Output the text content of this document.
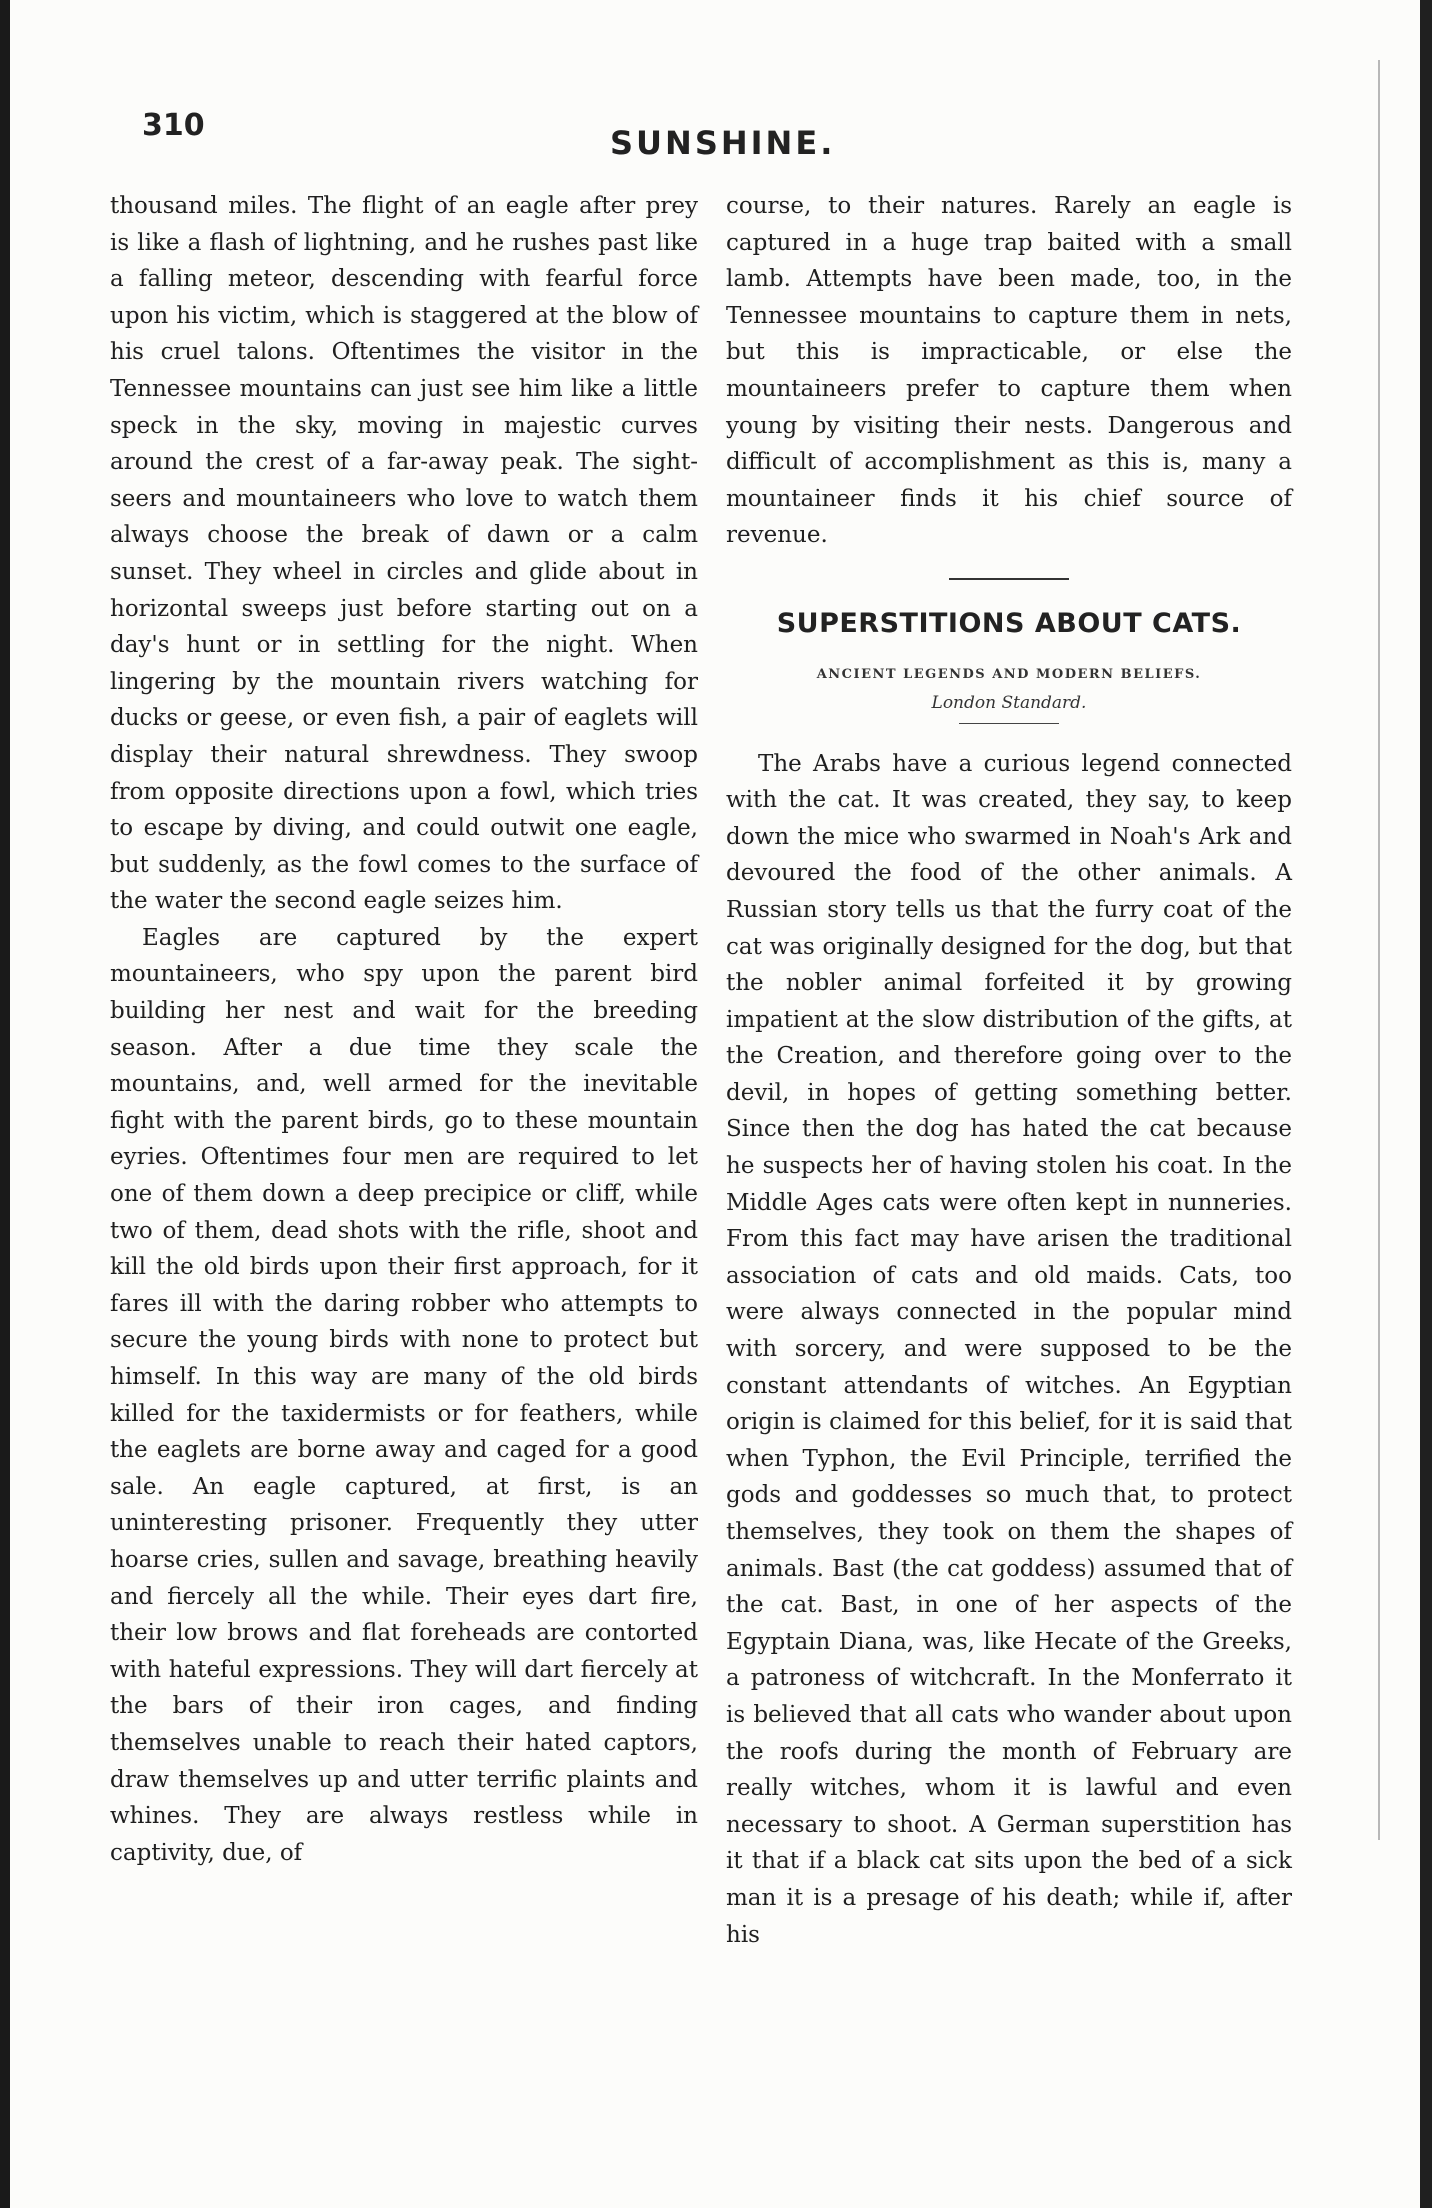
310	SUNSHINE.

thousand miles. The flight of an eagle after prey is like a flash of lightning, and he rushes past like a falling meteor, descending with fearful force upon his victim, which is staggered at the blow of his cruel talons. Oftentimes the visitor in the Tennessee mountains can just see him like a little speck in the sky, moving in majestic curves around the crest of a far-away peak. The sight-seers and mountaineers who love to watch them always choose the break of dawn or a calm sunset. They wheel in circles and glide about in horizontal sweeps just before starting out on a day's hunt or in settling for the night. When lingering by the mountain rivers watching for ducks or geese, or even fish, a pair of eaglets will display their natural shrewdness. They swoop from opposite directions upon a fowl, which tries to escape by diving, and could outwit one eagle, but suddenly, as the fowl comes to the surface of the water the second eagle seizes him.

Eagles are captured by the expert mountaineers, who spy upon the parent bird building her nest and wait for the breeding season. After a due time they scale the mountains, and, well armed for the inevitable fight with the parent birds, go to these mountain eyries. Oftentimes four men are required to let one of them down a deep precipice or cliff, while two of them, dead shots with the rifle, shoot and kill the old birds upon their first approach, for it fares ill with the daring robber who attempts to secure the young birds with none to protect but himself. In this way are many of the old birds killed for the taxidermists or for feathers, while the eaglets are borne away and caged for a good sale. An eagle captured, at first, is an uninteresting prisoner. Frequently they utter hoarse cries, sullen and savage, breathing heavily and fiercely all the while. Their eyes dart fire, their low brows and flat foreheads are contorted with hateful expressions. They will dart fiercely at the bars of their iron cages, and finding themselves unable to reach their hated captors, draw themselves up and utter terrific plaints and whines. They are always restless while in captivity, due, of

course, to their natures. Rarely an eagle is captured in a huge trap baited with a small lamb. Attempts have been made, too, in the Tennessee mountains to capture them in nets, but this is impracticable, or else the mountaineers prefer to capture them when young by visiting their nests. Dangerous and difficult of accomplishment as this is, many a mountaineer finds it his chief source of revenue.

SUPERSTITIONS ABOUT CATS.
ANCIENT LEGENDS AND MODERN BELIEFS.
London Standard.

The Arabs have a curious legend connected with the cat. It was created, they say, to keep down the mice who swarmed in Noah's Ark and devoured the food of the other animals. A Russian story tells us that the furry coat of the cat was originally designed for the dog, but that the nobler animal forfeited it by growing impatient at the slow distribution of the gifts, at the Creation, and therefore going over to the devil, in hopes of getting something better. Since then the dog has hated the cat because he suspects her of having stolen his coat. In the Middle Ages cats were often kept in nunneries. From this fact may have arisen the traditional association of cats and old maids. Cats, too were always connected in the popular mind with sorcery, and were supposed to be the constant attendants of witches. An Egyptian origin is claimed for this belief, for it is said that when Typhon, the Evil Principle, terrified the gods and goddesses so much that, to protect themselves, they took on them the shapes of animals. Bast (the cat goddess) assumed that of the cat. Bast, in one of her aspects of the Egyptain Diana, was, like Hecate of the Greeks, a patroness of witchcraft. In the Monferrato it is believed that all cats who wander about upon the roofs during the month of February are really witches, whom it is lawful and even necessary to shoot. A German superstition has it that if a black cat sits upon the bed of a sick man it is a presage of his death; while if, after his
